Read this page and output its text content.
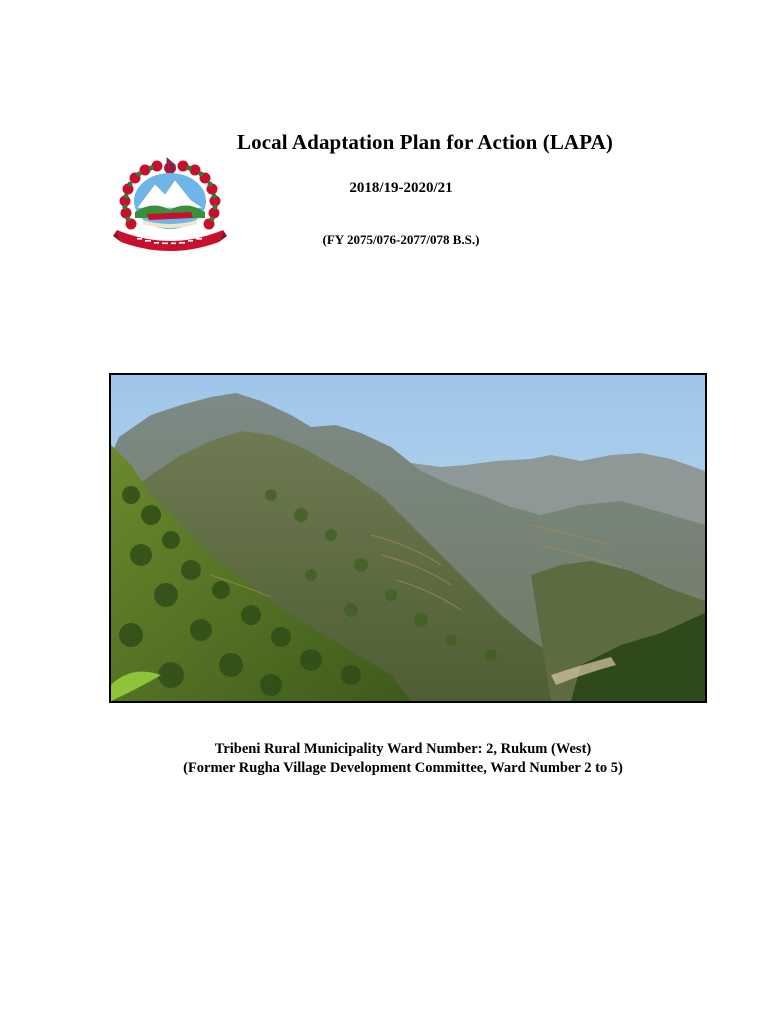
Local Adaptation Plan for Action (LAPA)
2018/19-2020/21
(FY 2075/076-2077/078 B.S.)
Tribeni Rural Municipality Ward Number: 2, Rukum (West)
(Former Rugha Village Development Committee, Ward Number 2 to 5)
